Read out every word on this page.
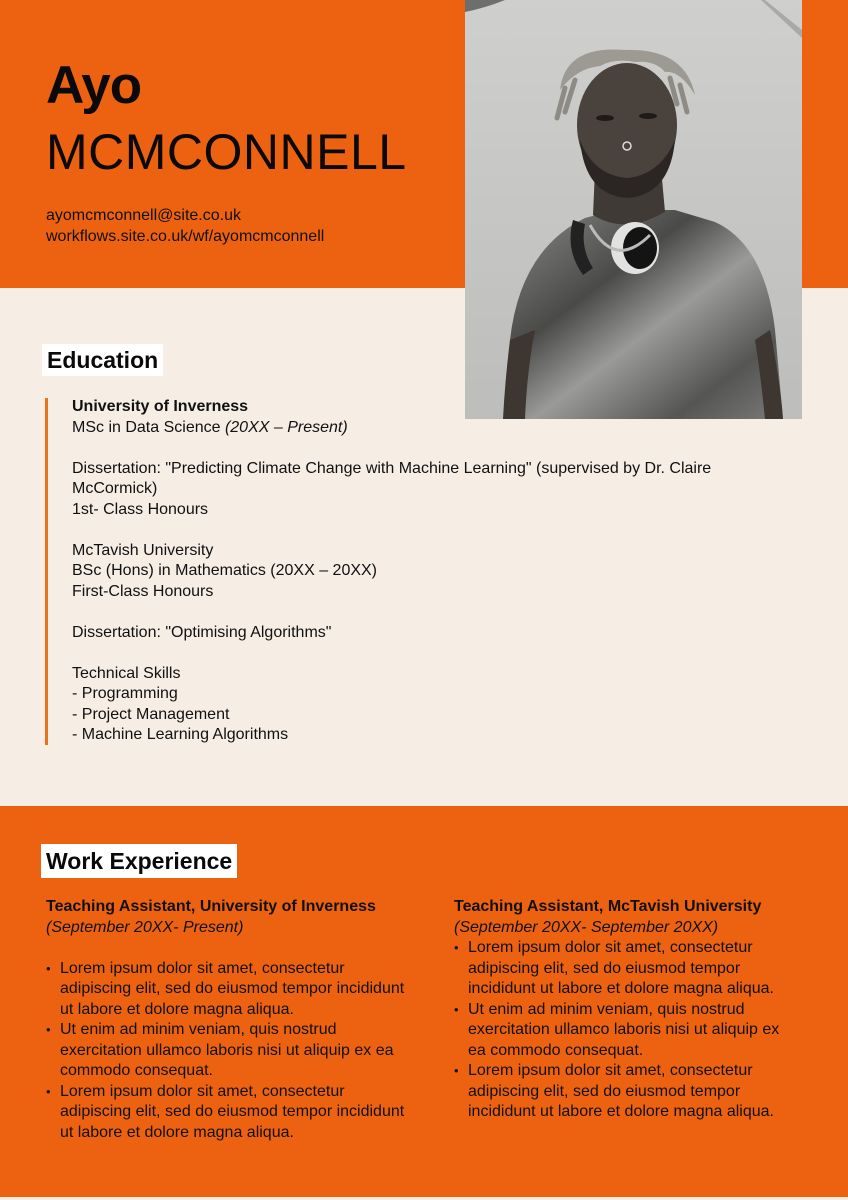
Ayo
MCMCONNELL
ayomcmconnell@site.co.uk
workflows.site.co.uk/wf/ayomcmconnell
Education
University of Inverness
MSc in Data Science (20XX – Present)
Dissertation: "Predicting Climate Change with Machine Learning" (supervised by Dr. Claire
McCormick)
1st- Class Honours
McTavish University
BSc (Hons) in Mathematics (20XX – 20XX)
First-Class Honours
Dissertation: "Optimising Algorithms"
Technical Skills
- Programming
- Project Management
- Machine Learning Algorithms
Work Experience
Teaching Assistant, University of Inverness
(September 20XX- Present)
• Lorem ipsum dolor sit amet, consectetur adipiscing elit, sed do eiusmod tempor incididunt ut labore et dolore magna aliqua.
• Ut enim ad minim veniam, quis nostrud exercitation ullamco laboris nisi ut aliquip ex ea commodo consequat.
• Lorem ipsum dolor sit amet, consectetur adipiscing elit, sed do eiusmod tempor incididunt ut labore et dolore magna aliqua.
Teaching Assistant, McTavish University
(September 20XX- September 20XX)
• Lorem ipsum dolor sit amet, consectetur adipiscing elit, sed do eiusmod tempor incididunt ut labore et dolore magna aliqua.
• Ut enim ad minim veniam, quis nostrud exercitation ullamco laboris nisi ut aliquip ex ea commodo consequat.
• Lorem ipsum dolor sit amet, consectetur adipiscing elit, sed do eiusmod tempor incididunt ut labore et dolore magna aliqua.
